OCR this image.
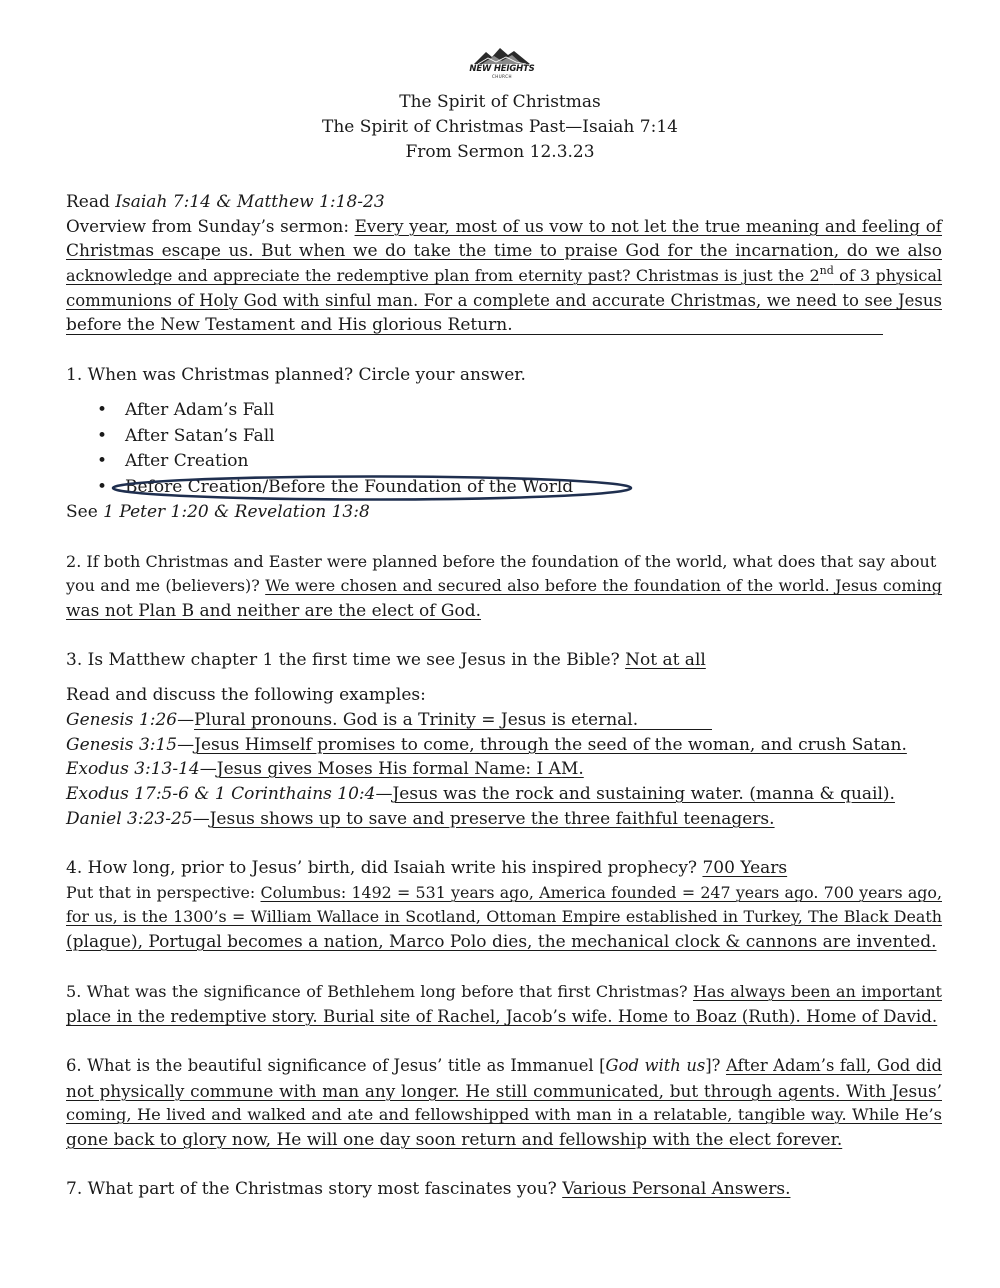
NEW HEIGHTS
CHURCH
The Spirit of Christmas
The Spirit of Christmas Past—Isaiah 7:14
From Sermon 12.3.23
Read Isaiah 7:14 & Matthew 1:18-23
Overview from Sunday’s sermon: Every year, most of us vow to not let the true meaning and feeling of
Christmas escape us. But when we do take the time to praise God for the incarnation, do we also
acknowledge and appreciate the redemptive plan from eternity past? Christmas is just the 2nd of 3 physical
communions of Holy God with sinful man. For a complete and accurate Christmas, we need to see Jesus
before the New Testament and His glorious Return.
1. When was Christmas planned? Circle your answer.
• After Adam’s Fall
• After Satan’s Fall
• After Creation
• Before Creation/Before the Foundation of the World
See 1 Peter 1:20 & Revelation 13:8
2. If both Christmas and Easter were planned before the foundation of the world, what does that say about
you and me (believers)? We were chosen and secured also before the foundation of the world. Jesus coming
was not Plan B and neither are the elect of God.
3. Is Matthew chapter 1 the first time we see Jesus in the Bible? Not at all
Read and discuss the following examples:
Genesis 1:26—Plural pronouns. God is a Trinity = Jesus is eternal.
Genesis 3:15—Jesus Himself promises to come, through the seed of the woman, and crush Satan.
Exodus 3:13-14—Jesus gives Moses His formal Name: I AM.
Exodus 17:5-6 & 1 Corinthains 10:4—Jesus was the rock and sustaining water. (manna & quail).
Daniel 3:23-25—Jesus shows up to save and preserve the three faithful teenagers.
4. How long, prior to Jesus’ birth, did Isaiah write his inspired prophecy? 700 Years
Put that in perspective: Columbus: 1492 = 531 years ago, America founded = 247 years ago. 700 years ago,
for us, is the 1300’s = William Wallace in Scotland, Ottoman Empire established in Turkey, The Black Death
(plague), Portugal becomes a nation, Marco Polo dies, the mechanical clock & cannons are invented.
5. What was the significance of Bethlehem long before that first Christmas? Has always been an important
place in the redemptive story. Burial site of Rachel, Jacob’s wife. Home to Boaz (Ruth). Home of David.
6. What is the beautiful significance of Jesus’ title as Immanuel [God with us]? After Adam’s fall, God did
not physically commune with man any longer. He still communicated, but through agents. With Jesus’
coming, He lived and walked and ate and fellowshipped with man in a relatable, tangible way. While He’s
gone back to glory now, He will one day soon return and fellowship with the elect forever.
7. What part of the Christmas story most fascinates you? Various Personal Answers.
